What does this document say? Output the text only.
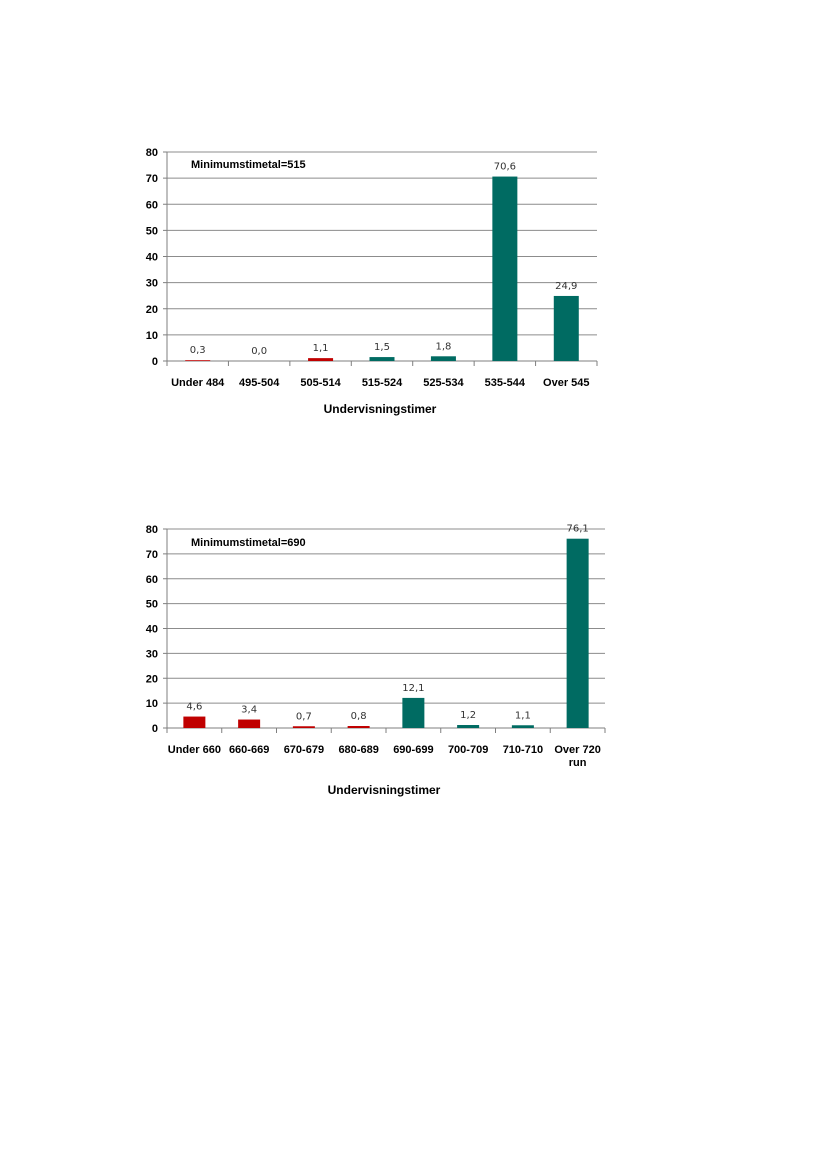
0
10
20
30
40
50
60
70
80
0,3
Under 484
0,0
495-504
1,1
505-514
1,5
515-524
1,8
525-534
70,6
535-544
24,9
Over 545
Minimumstimetal=515
Undervisningstimer
0
10
20
30
40
50
60
70
80
4,6
Under 660
3,4
660-669
0,7
670-679
0,8
680-689
12,1
690-699
1,2
700-709
1,1
710-710
76,1
Over 720 run
Minimumstimetal=690
Undervisningstimer
